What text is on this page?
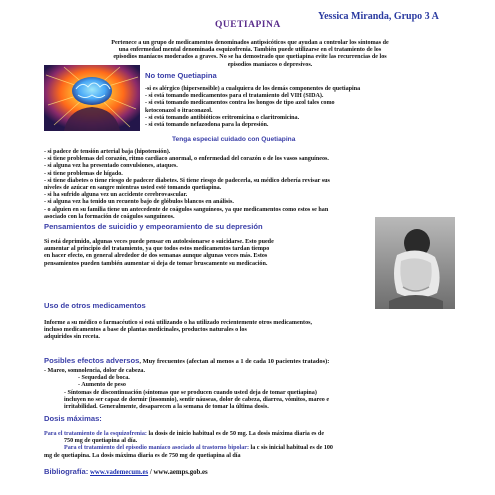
Yessica Miranda, Grupo 3 A
QUETIAPINA
Pertenece a un grupo de medicamentos denominados antipsicóticos que ayudan a controlar los síntomas de
una enfermedad mental denominada esquizofrenia. También puede utilizarse en el tratamiento de los
episodios maníacos moderados a graves. No se ha demostrado que quetiapina evite las recurrencias de los
episodios maníacos o depresivos.
No tome Quetiapina
-si es alérgico (hipersensible) a cualquiera de los demás componentes de quetiapina
- si está tomando medicamentos para el tratamiento del VIH (SIDA).
- si está tomando medicamentos contra los hongos de tipo azol tales como
ketoconazol o itraconazol.
- si está tomando antibióticos eritromicina o claritromicina.
- si está tomando nefazodona para la depresión.
Tenga especial cuidado con Quetiapina
- si padece de tensión arterial baja (hipotensión).
- si tiene problemas del corazón, ritmo cardiaco anormal, o enfermedad del corazón o de los vasos sanguíneos.
- si alguna vez ha presentado convulsiones, ataques.
- si tiene problemas de hígado.
- si tiene diabetes o tiene riesgo de padecer diabetes. Si tiene riesgo de padecerla, su médico debería revisar sus
niveles de azúcar en sangre mientras usted esté tomando quetiapina.
- si ha sufrido alguna vez un accidente cerebrovascular.
- si alguna vez ha tenido un recuento bajo de glóbulos blancos en análisis.
- o alguien en su familia tiene un antecedente de coágulos sanguíneos, ya que medicamentos como estos se han
asociado con la formación de coágulos sanguíneos.
Pensamientos de suicidio y empeoramiento de su depresión
Si está deprimido, algunas veces puede pensar en autolesionarse o suicidarse. Esto puede
aumentar al principio del tratamiento, ya que todos estos medicamentos tardan tiempo
en hacer efecto, en general alrededor de dos semanas aunque algunas veces más. Estos
pensamientos pueden también aumentar si deja de tomar bruscamente su medicación.
Uso de otros medicamentos
Informe a su médico o farmacéutico si está utilizando o ha utilizado recientemente otros medicamentos,
incluso medicamentos a base de plantas medicinales, productos naturales o los
adquiridos sin receta.
Posibles efectos adversos, Muy frecuentes (afectan al menos a 1 de cada 10 pacientes tratados):
- Mareo, somnolencia, dolor de cabeza.
- Sequedad de boca.
- Aumento de peso
- Síntomas de discontinuación (síntomas que se producen cuando usted deja de tomar quetiapina)
incluyen no ser capaz de dormir (insomnio), sentir náuseas, dolor de cabeza, diarrea, vómitos, mareo e
irritabilidad. Generalmente, desaparecen a la semana de tomar la última dosis.
Dosis máximas:
Para el tratamiento de la esquizofrenia: la dosis de inicio habitual es de 50 mg. La dosis máxima diaria es de
750 mg de quetiapina al día.
Para el tratamiento del episodio maníaco asociado al trastorno bipolar: la c sis inicial habitual es de 100
mg de quetiapina. La dosis máxima diaria es de 750 mg de quetiapina al día
Bibliografía: www.vademecum.es / www.aemps.gob.es
